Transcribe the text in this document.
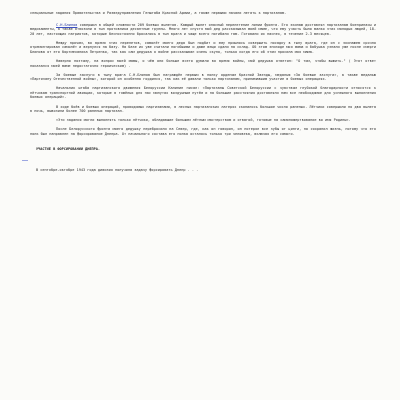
специальные задания Правительства и Разведуправления Генштаба Красной Армии, а также первыми начали летать к партизанам.

С.Н.Блинов совершил в общей сложности 209 боевых вылетов. Каждый вылет опасный перелетение линии фронта. Его экипаж доставлял партизанам боеприпасы и медикаменты, а также отвозили в тыл противника десантные группы. Много лет спустя мой дед рассказывал моей маме, что ему участь было малко этих молодых людей, 18-20 лет, настоящих патриотов, которые беспостоянно бросались в тыл врага и чаще всего погибали там. Готовили их наспех, в течение 2-3 месяцев.

Между прочим, во время этих перелетов, самолёт моего деда был подбит и ему пришлось совершить посадку в тылу врага, где он с экипажем срочно отремонтировал самолёт и вернулся на базу. На базе их уже считали погибшими и даже вещи сдали на склад. Об этом эпизоде моя мама и бабушка узнали уже после смерти Блинова от его бортмеханика Петренко, так как сам дедушка о войне рассказывал очень скупо, только когда его об этом просила моя мама.

Наверно поэтому, на вопрос моей мамы, о чём они больше всего думали во время войны, мой дедушка ответил: "О том, чтобы выжить." ( Этот ответ показался моей маме недостаточно героическим) .

За боевые заслуги в тылу врага С.Н.Блинов был награждён первым в полку орденом Красной Звезды, медалью «За боевые заслуги», а также медалью «Партизану Отечественной войны», которой он особенно гордился, так как её давали только партизанам, принимавшим участие в боевых операциях.

Начальник штаба партизанского движения Белоруссии Калинин писал: «Партизаны Советской Белоруссии с чувством глубокой благодарности относятся к лётчикам транспортной авиации, которые в тяжёлых для нас минутах воздушным путём и на большие расстояния доставляли нам все необходимое для успешного выполнения боевых операций».

В ходе боёв и боевых операций, проводимых партизанами, в лесных партизанских лагерях скопилось большое число раненых. Лётчики совершили по два вылета в ночь, вывозили более 700 раненых партизан.

«Эти задания могли выполнять только лётчики, обладавшие большим лётным мастерством и отвагой, готовые на самопожертвование во имя Родины».

После Белорусского фронта моего дедушку перебросили на Север, где, как он говорил, он потерял все зубы от цинги, но сохранил жизнь, потому что его полк был направлен на форсирование Днепра. От начального состава его полка осталось только три человека, включая его самого.

УЧАСТИЕ В ФОРСИРОВАНИИ ДНЕПРА.

В сентябре-октябре 1943 года дивизия получила задачу форсировать Днепр . . .
